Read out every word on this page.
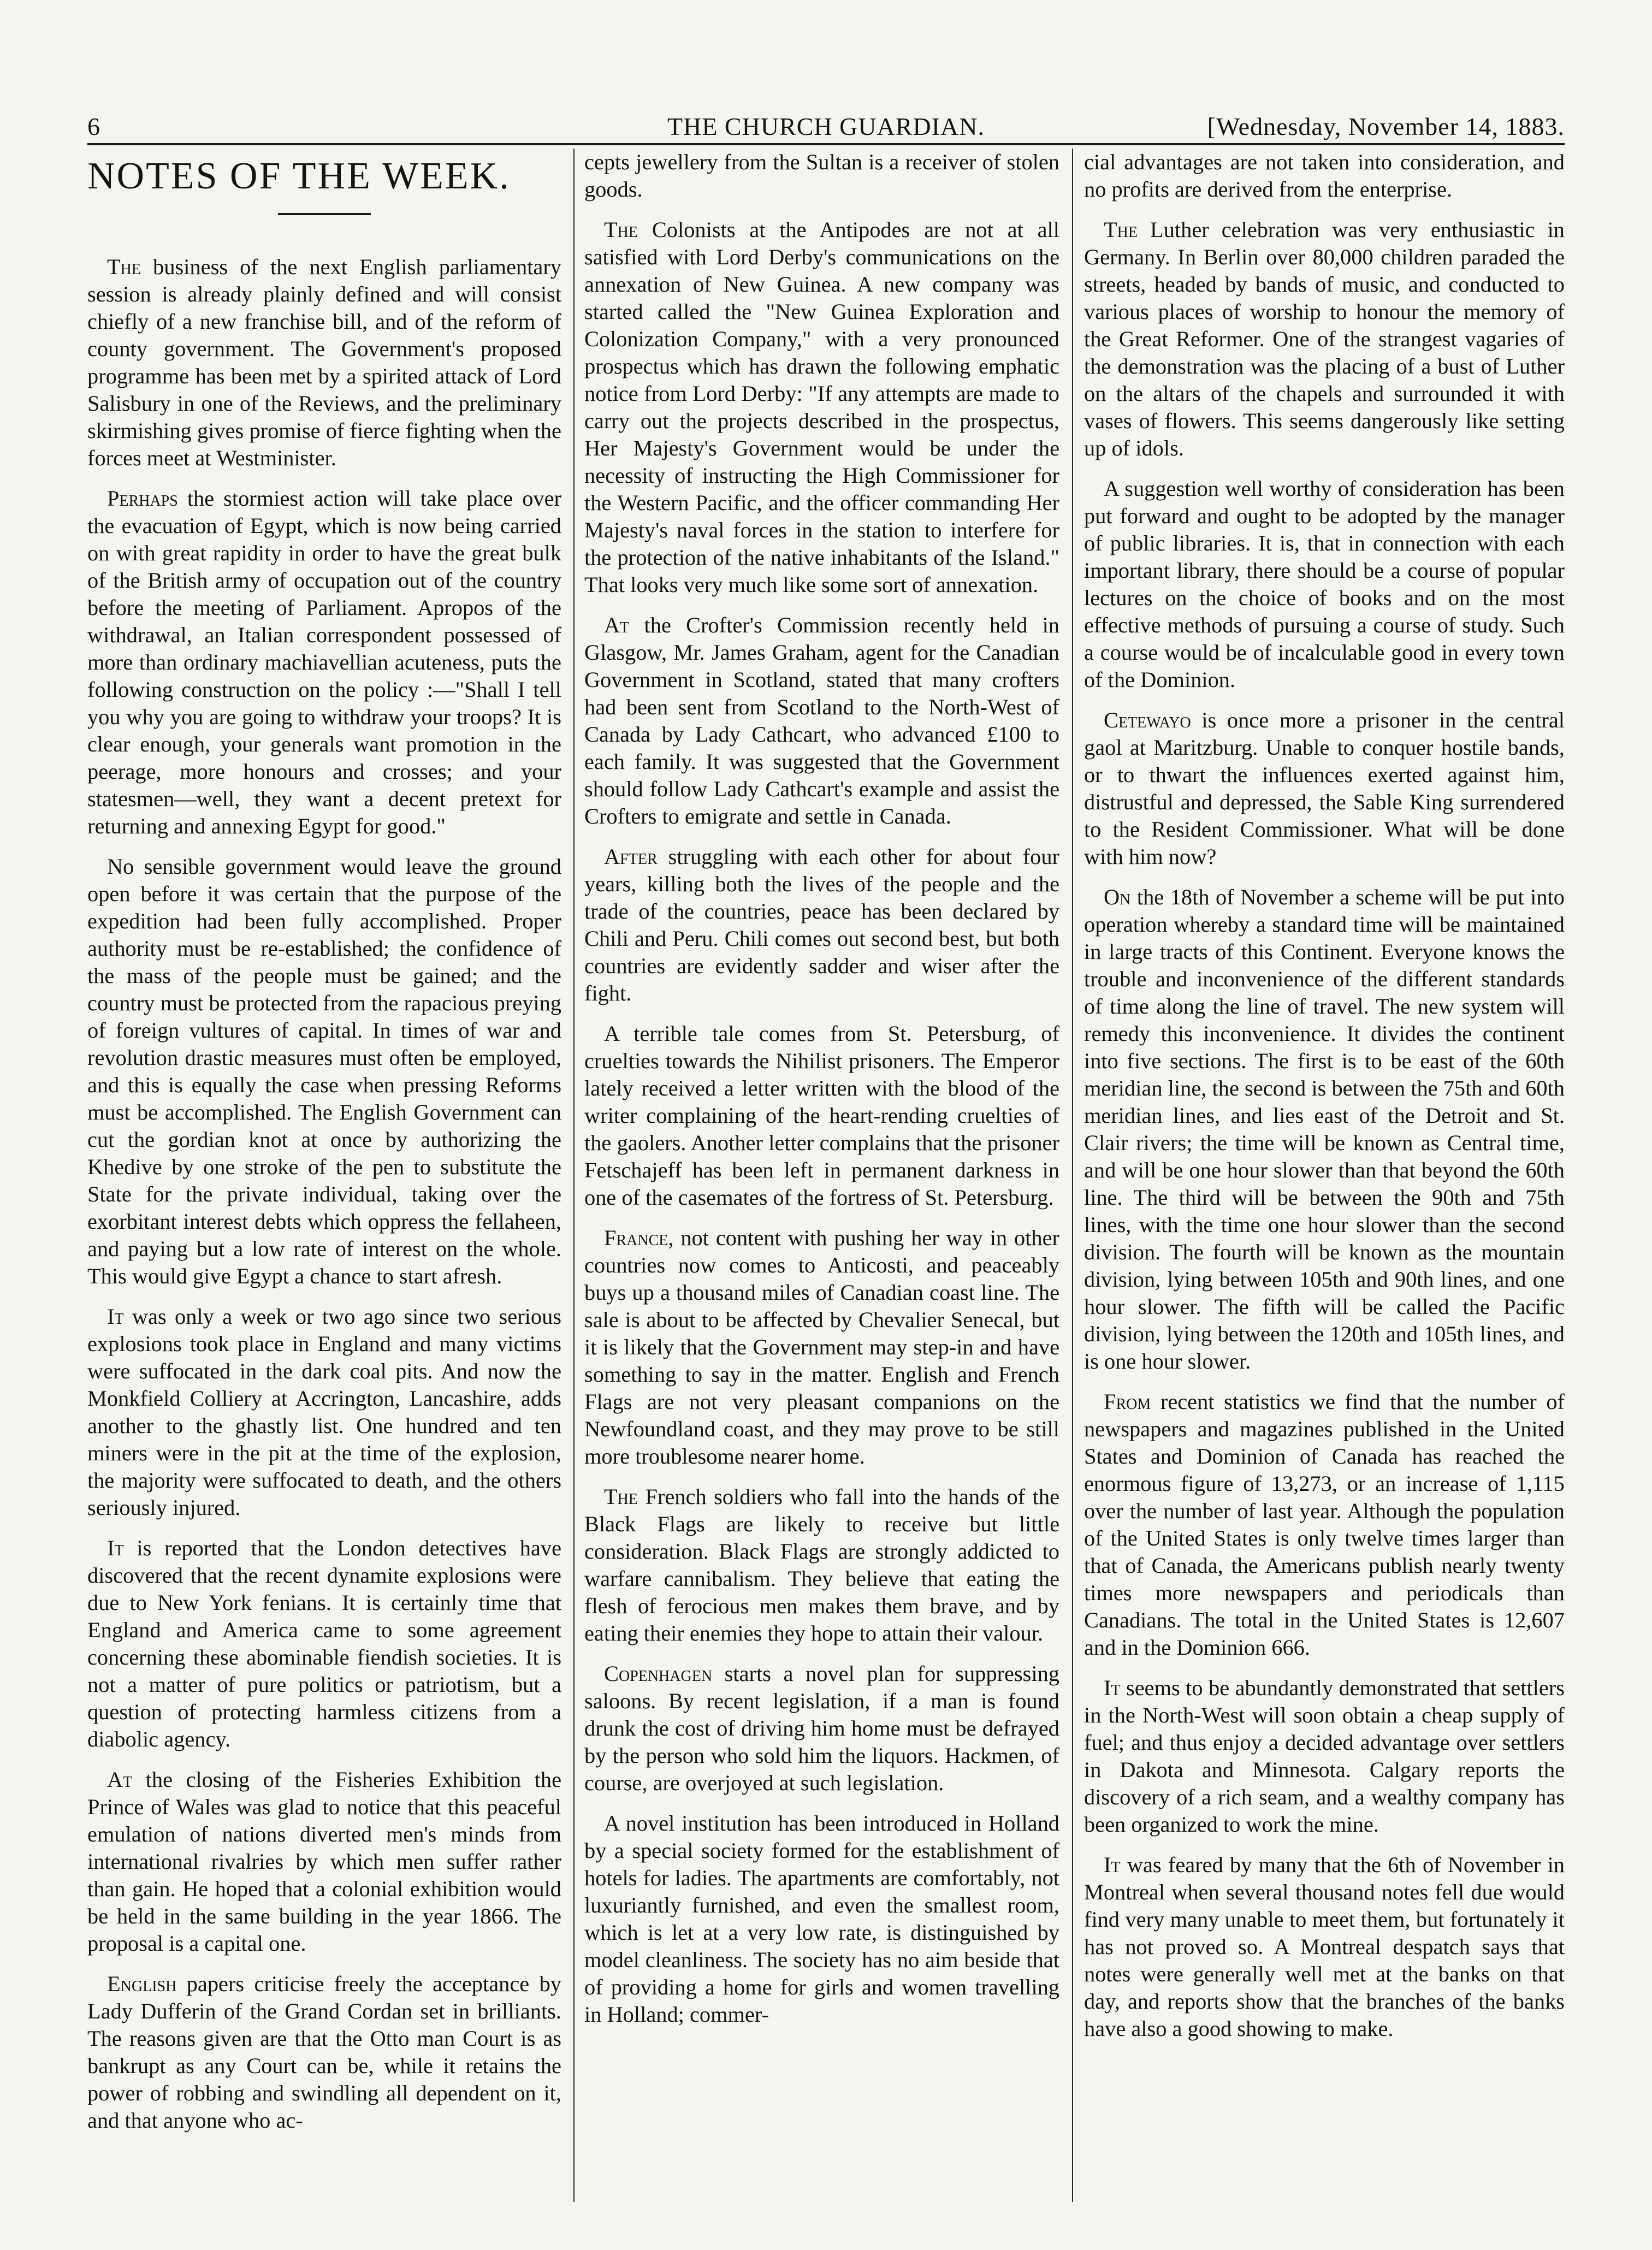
6	THE CHURCH GUARDIAN.	[Wednesday, November 14, 1883.
NOTES OF THE WEEK.

The business of the next English parliamentary session is already plainly defined and will consist chiefly of a new franchise bill, and of the reform of county government. The Government's proposed programme has been met by a spirited attack of Lord Salisbury in one of the Reviews, and the preliminary skirmishing gives promise of fierce fighting when the forces meet at Westminister.

Perhaps the stormiest action will take place over the evacuation of Egypt, which is now being carried on with great rapidity in order to have the great bulk of the British army of occupation out of the country before the meeting of Parliament. Apropos of the withdrawal, an Italian correspondent possessed of more than ordinary machiavellian acuteness, puts the following construction on the policy :—"Shall I tell you why you are going to withdraw your troops? It is clear enough, your generals want promotion in the peerage, more honours and crosses; and your statesmen—well, they want a decent pretext for returning and annexing Egypt for good."

No sensible government would leave the ground open before it was certain that the purpose of the expedition had been fully accomplished. Proper authority must be re-established; the confidence of the mass of the people must be gained; and the country must be protected from the rapacious preying of foreign vultures of capital. In times of war and revolution drastic measures must often be employed, and this is equally the case when pressing Reforms must be accomplished. The English Government can cut the gordian knot at once by authorizing the Khedive by one stroke of the pen to substitute the State for the private individual, taking over the exorbitant interest debts which oppress the fellaheen, and paying but a low rate of interest on the whole. This would give Egypt a chance to start afresh.

It was only a week or two ago since two serious explosions took place in England and many victims were suffocated in the dark coal pits. And now the Monkfield Colliery at Accrington, Lancashire, adds another to the ghastly list. One hundred and ten miners were in the pit at the time of the explosion, the majority were suffocated to death, and the others seriously injured.

It is reported that the London detectives have discovered that the recent dynamite explosions were due to New York fenians. It is certainly time that England and America came to some agreement concerning these abominable fiendish societies. It is not a matter of pure politics or patriotism, but a question of protecting harmless citizens from a diabolic agency.

At the closing of the Fisheries Exhibition the Prince of Wales was glad to notice that this peaceful emulation of nations diverted men's minds from international rivalries by which men suffer rather than gain. He hoped that a colonial exhibition would be held in the same building in the year 1866. The proposal is a capital one.

English papers criticise freely the acceptance by Lady Dufferin of the Grand Cordan set in brilliants. The reasons given are that the Otto man Court is as bankrupt as any Court can be, while it retains the power of robbing and swindling all dependent on it, and that anyone who ac-

cepts jewellery from the Sultan is a receiver of stolen goods.

The Colonists at the Antipodes are not at all satisfied with Lord Derby's communications on the annexation of New Guinea. A new company was started called the "New Guinea Exploration and Colonization Company," with a very pronounced prospectus which has drawn the following emphatic notice from Lord Derby: "If any attempts are made to carry out the projects described in the prospectus, Her Majesty's Government would be under the necessity of instructing the High Commissioner for the Western Pacific, and the officer commanding Her Majesty's naval forces in the station to interfere for the protection of the native inhabitants of the Island." That looks very much like some sort of annexation.

At the Crofter's Commission recently held in Glasgow, Mr. James Graham, agent for the Canadian Government in Scotland, stated that many crofters had been sent from Scotland to the North-West of Canada by Lady Cathcart, who advanced £100 to each family. It was suggested that the Government should follow Lady Cathcart's example and assist the Crofters to emigrate and settle in Canada.

After struggling with each other for about four years, killing both the lives of the people and the trade of the countries, peace has been declared by Chili and Peru. Chili comes out second best, but both countries are evidently sadder and wiser after the fight.

A terrible tale comes from St. Petersburg, of cruelties towards the Nihilist prisoners. The Emperor lately received a letter written with the blood of the writer complaining of the heart-rending cruelties of the gaolers. Another letter complains that the prisoner Fetschajeff has been left in permanent darkness in one of the casemates of the fortress of St. Petersburg.

France, not content with pushing her way in other countries now comes to Anticosti, and peaceably buys up a thousand miles of Canadian coast line. The sale is about to be affected by Chevalier Senecal, but it is likely that the Government may step-in and have something to say in the matter. English and French Flags are not very pleasant companions on the Newfoundland coast, and they may prove to be still more troublesome nearer home.

The French soldiers who fall into the hands of the Black Flags are likely to receive but little consideration. Black Flags are strongly addicted to warfare cannibalism. They believe that eating the flesh of ferocious men makes them brave, and by eating their enemies they hope to attain their valour.

Copenhagen starts a novel plan for suppressing saloons. By recent legislation, if a man is found drunk the cost of driving him home must be defrayed by the person who sold him the liquors. Hackmen, of course, are overjoyed at such legislation.

A novel institution has been introduced in Holland by a special society formed for the establishment of hotels for ladies. The apartments are comfortably, not luxuriantly furnished, and even the smallest room, which is let at a very low rate, is distinguished by model cleanliness. The society has no aim beside that of providing a home for girls and women travelling in Holland; commer-

cial advantages are not taken into consideration, and no profits are derived from the enterprise.

The Luther celebration was very enthusiastic in Germany. In Berlin over 80,000 children paraded the streets, headed by bands of music, and conducted to various places of worship to honour the memory of the Great Reformer. One of the strangest vagaries of the demonstration was the placing of a bust of Luther on the altars of the chapels and surrounded it with vases of flowers. This seems dangerously like setting up of idols.

A suggestion well worthy of consideration has been put forward and ought to be adopted by the manager of public libraries. It is, that in connection with each important library, there should be a course of popular lectures on the choice of books and on the most effective methods of pursuing a course of study. Such a course would be of incalculable good in every town of the Dominion.

Cetewayo is once more a prisoner in the central gaol at Maritzburg. Unable to conquer hostile bands, or to thwart the influences exerted against him, distrustful and depressed, the Sable King surrendered to the Resident Commissioner. What will be done with him now?

On the 18th of November a scheme will be put into operation whereby a standard time will be maintained in large tracts of this Continent. Everyone knows the trouble and inconvenience of the different standards of time along the line of travel. The new system will remedy this inconvenience. It divides the continent into five sections. The first is to be east of the 60th meridian line, the second is between the 75th and 60th meridian lines, and lies east of the Detroit and St. Clair rivers; the time will be known as Central time, and will be one hour slower than that beyond the 60th line. The third will be between the 90th and 75th lines, with the time one hour slower than the second division. The fourth will be known as the mountain division, lying between 105th and 90th lines, and one hour slower. The fifth will be called the Pacific division, lying between the 120th and 105th lines, and is one hour slower.

From recent statistics we find that the number of newspapers and magazines published in the United States and Dominion of Canada has reached the enormous figure of 13,273, or an increase of 1,115 over the number of last year. Although the population of the United States is only twelve times larger than that of Canada, the Americans publish nearly twenty times more newspapers and periodicals than Canadians. The total in the United States is 12,607 and in the Dominion 666.

It seems to be abundantly demonstrated that settlers in the North-West will soon obtain a cheap supply of fuel; and thus enjoy a decided advantage over settlers in Dakota and Minnesota. Calgary reports the discovery of a rich seam, and a wealthy company has been organized to work the mine.

It was feared by many that the 6th of November in Montreal when several thousand notes fell due would find very many unable to meet them, but fortunately it has not proved so. A Montreal despatch says that notes were generally well met at the banks on that day, and reports show that the branches of the banks have also a good showing to make.
